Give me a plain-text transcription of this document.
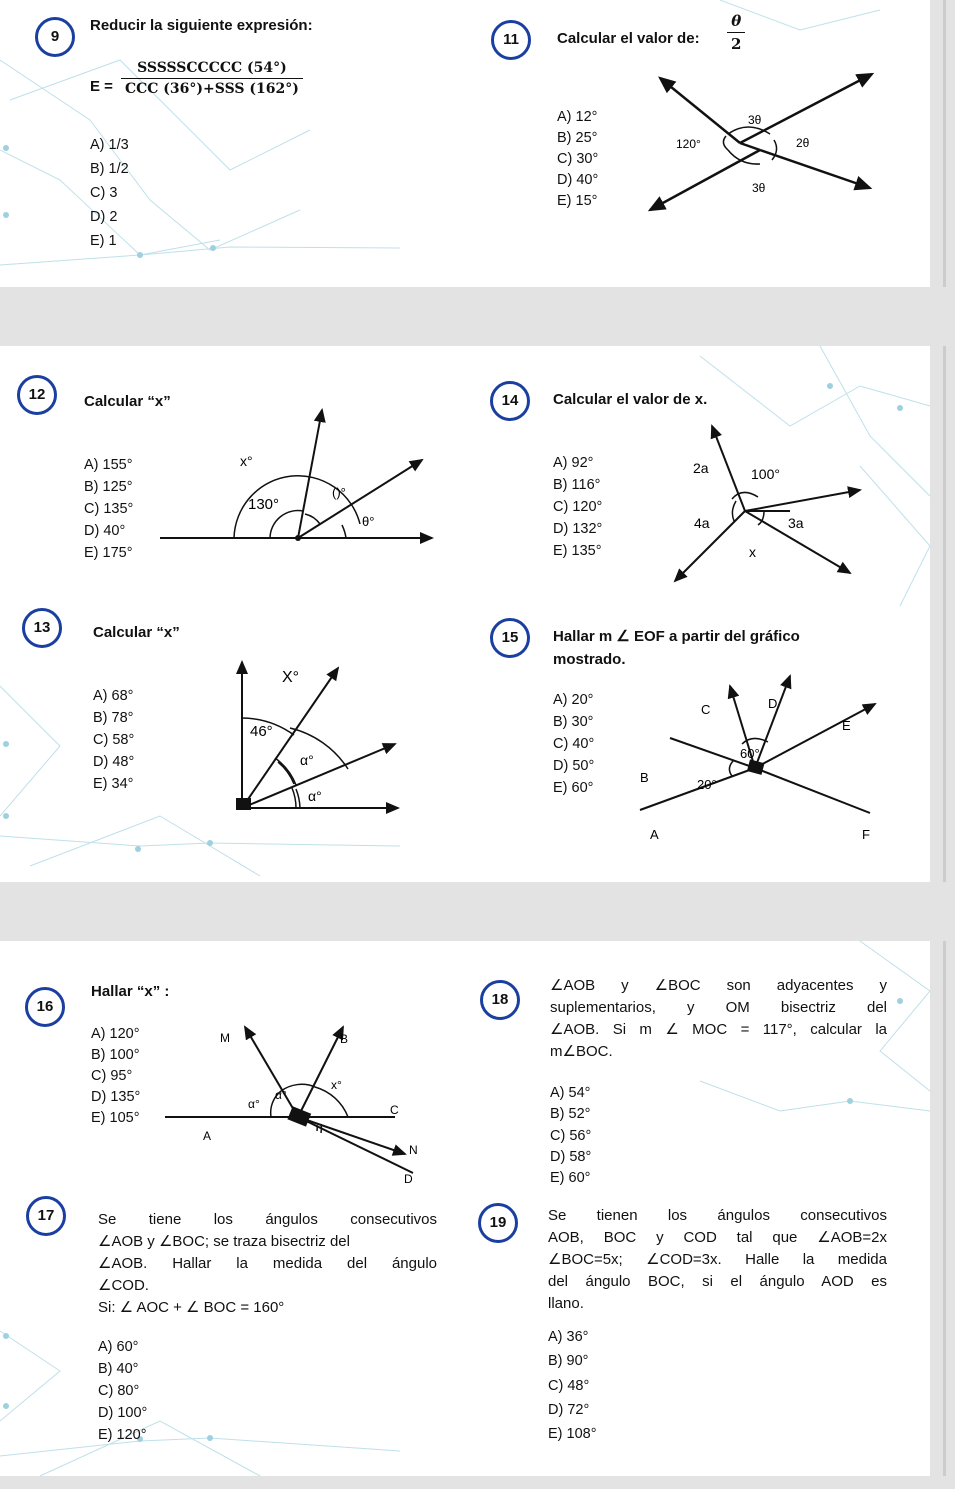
9
Reducir la siguiente expresión:
$E = \frac{\text{SSSSSCCCCC (54°)}}{\text{CCC (36°)+SSS (162°)}}$
A) 1/3
B) 1/2
C) 3
D) 2
E) 1
11	Calcular el valor de: $\frac{\theta}{2}$
A) 12°
B) 25°
C) 30°
D) 40°
E) 15°
3θ
120°	2θ
3θ
12	Calcular “x”
A) 155°
B) 125°
C) 135°
D) 40°
E) 175°
x°
130°
()°
θ°
14	Calcular el valor de x.
A) 92°
B) 116°
C) 120°
D) 132°
E) 135°
2a	100°
4a	3a
x
13	Calcular “x”
A) 68°
B) 78°
C) 58°
D) 48°
E) 34°
X°
46°
α°
α°
15	Hallar m ∠ EOF a partir del gráfico
mostrado.
A) 20°
B) 30°
C) 40°
D) 50°
E) 60°
C	D
E
B
A	F
60°
20°
16
Hallar “x” :
A) 120°
B) 100°
C) 95°
D) 135°
E) 105°
M	B
α°
α°
x°
C
A
N
D
18
∠AOB y ∠BOC son adyacentes y
suplementarios, y OM bisectriz del
∠AOB. Si m ∠ MOC = 117°, calcular la
m∠BOC.
A) 54°
B) 52°
C) 56°
D) 58°
E) 60°
17	Se tiene los ángulos consecutivos
∠AOB y ∠BOC; se traza bisectriz del
∠AOB. Hallar la medida del ángulo
∠COD.
Si: ∠ AOC + ∠ BOC = 160°
A) 60°
B) 40°
C) 80°
D) 100°
E) 120°
19	Se tienen los ángulos consecutivos
AOB, BOC y COD tal que ∠AOB=2x
∠BOC=5x; ∠COD=3x. Halle la medida
del ángulo BOC, si el ángulo AOD es
llano.
A) 36°
B) 90°
C) 48°
D) 72°
E) 108°
